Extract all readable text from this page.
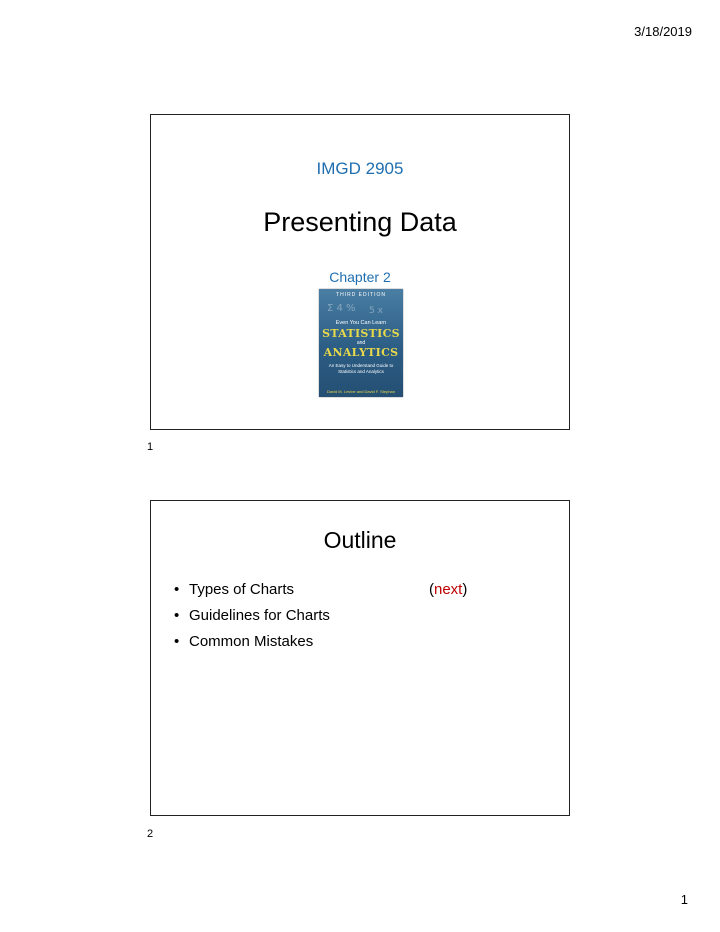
3/18/2019
IMGD 2905
Presenting Data
Chapter 2
THIRD EDITION
Σ 4 % 5 x
Even You Can Learn
STATISTICS
and
ANALYTICS
An Easy to Understand Guide to Statistics and Analytics
David M. Levine and David F. Stephan
1
Outline
• Types of Charts	(next)
• Guidelines for Charts
• Common Mistakes
2
1
